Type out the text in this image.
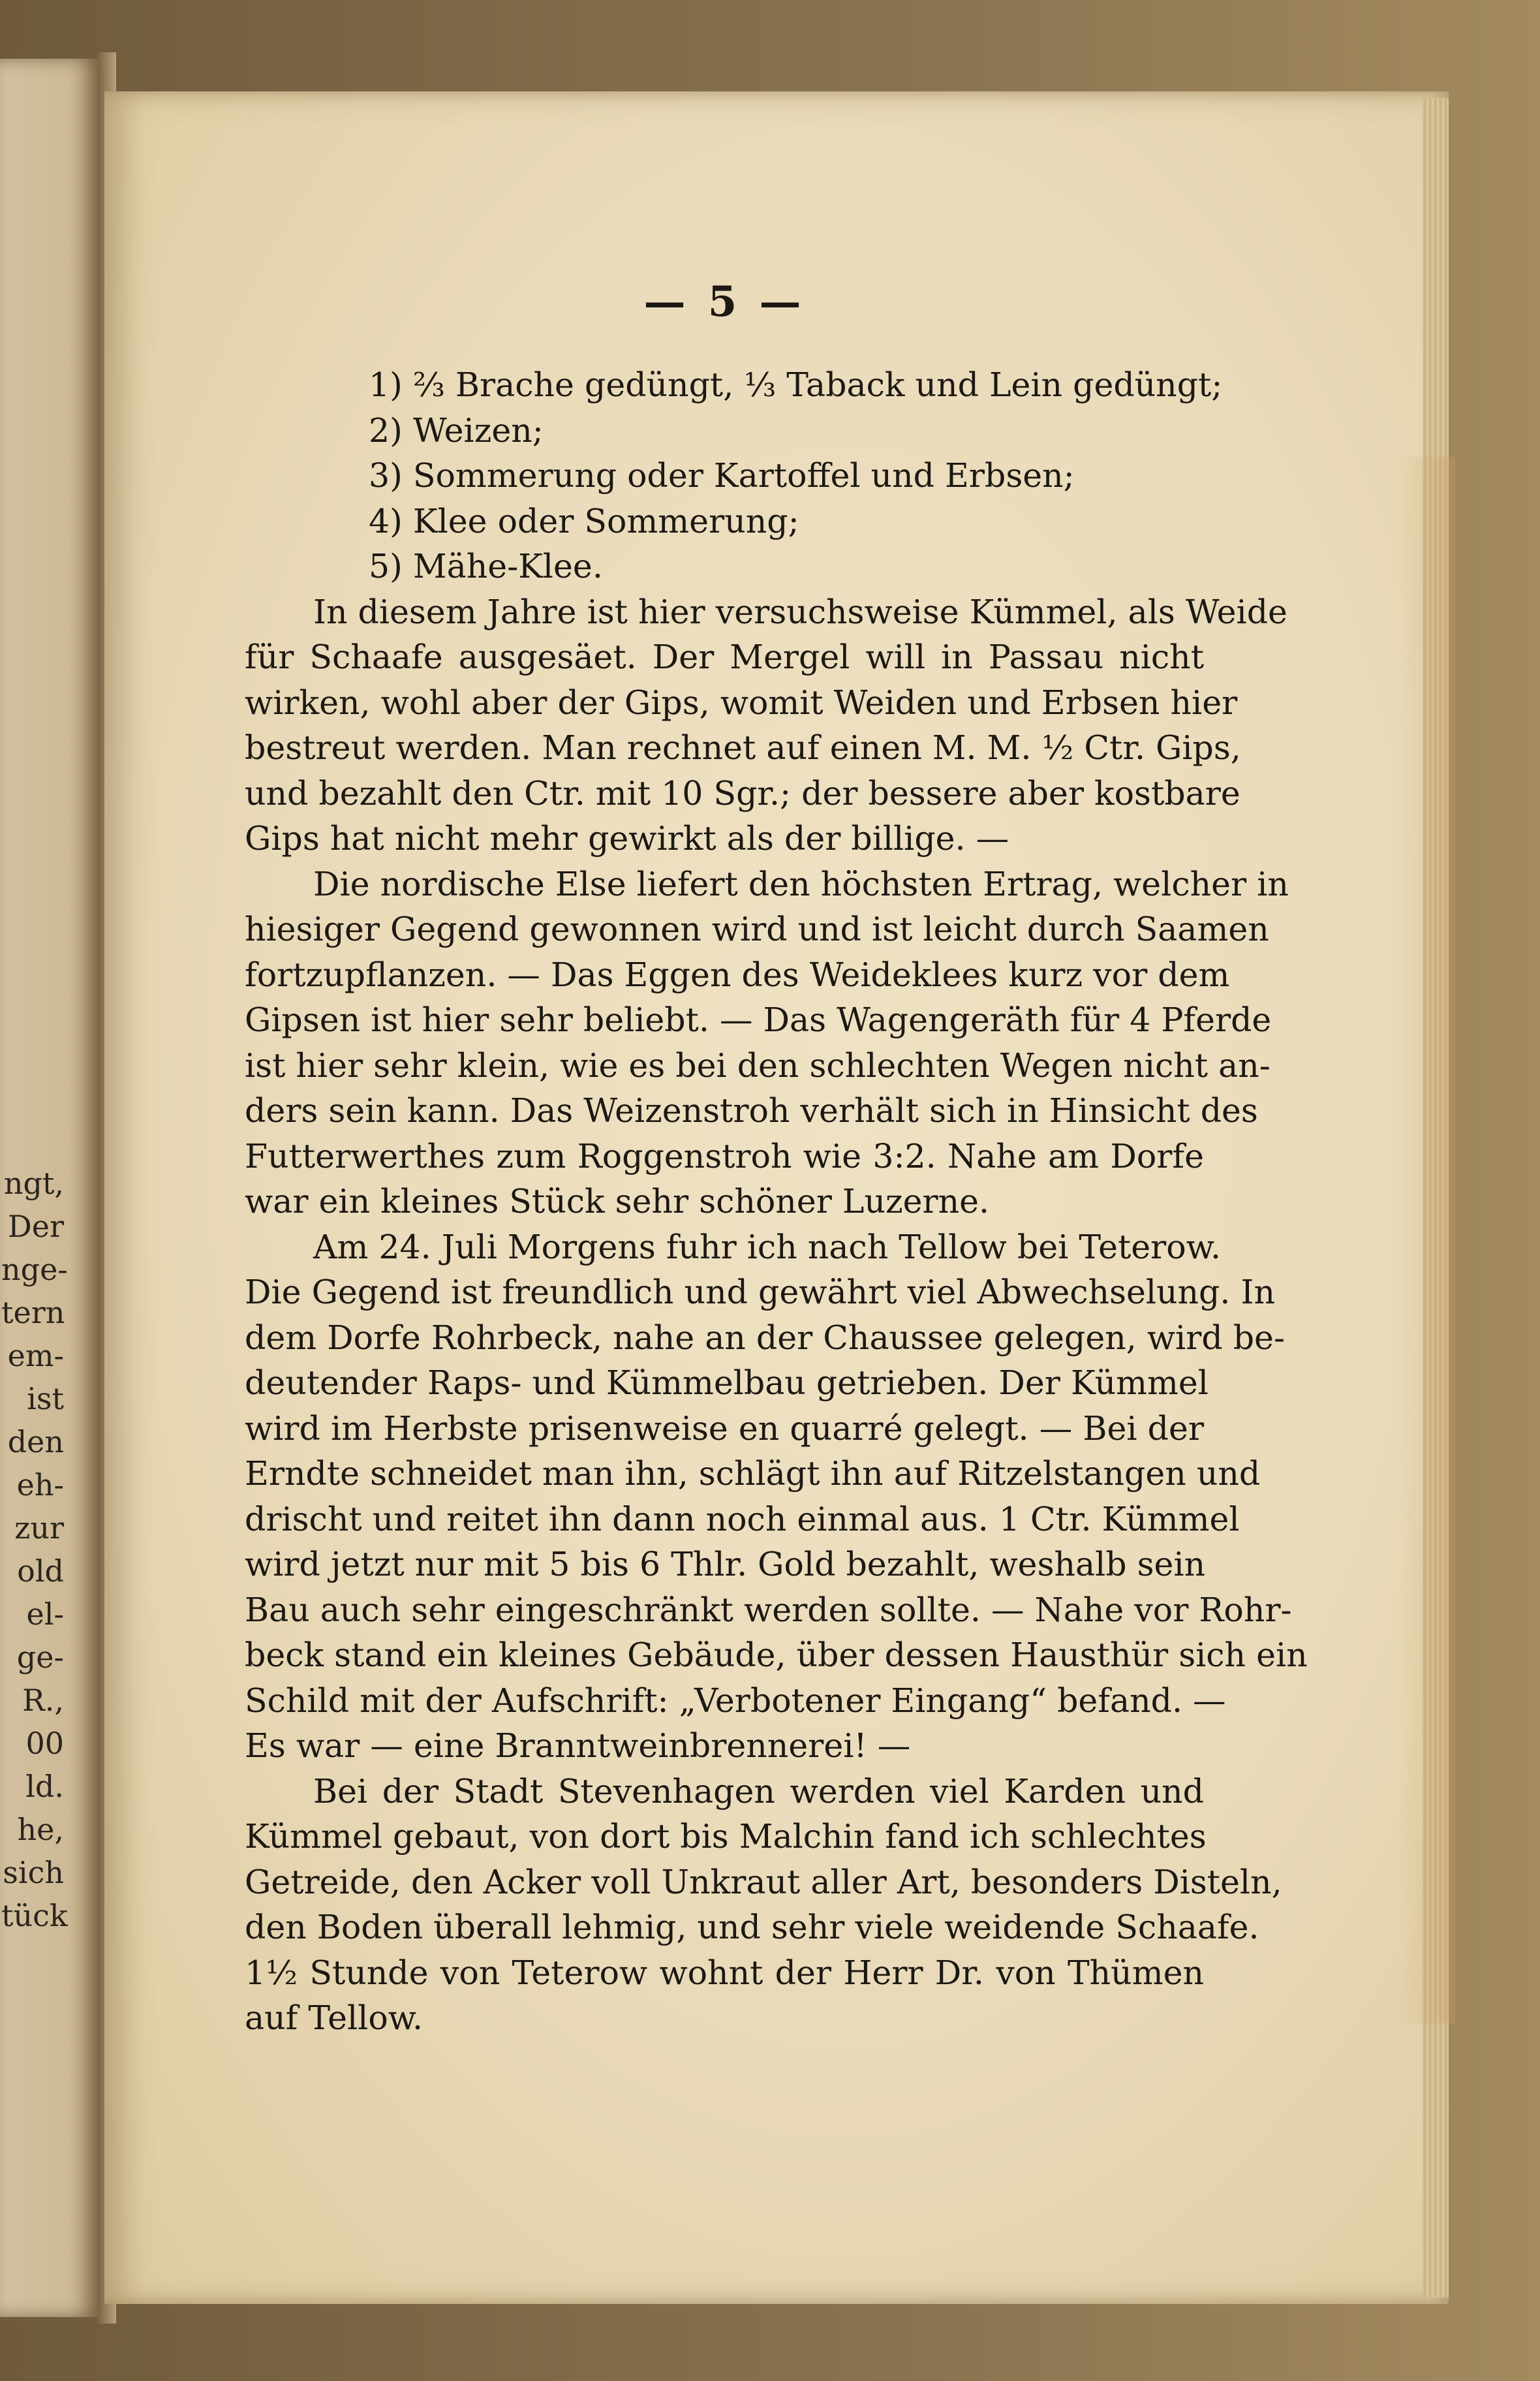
ngt,
Der
nge-
tern
em-
ist
den
eh-
zur
old
el-
ge-
R.,
00
ld.
he,
sich
tück
— 5 —
1) ⅔ Brache gedüngt, ⅓ Taback und Lein gedüngt;
2) Weizen;
3) Sommerung oder Kartoffel und Erbsen;
4) Klee oder Sommerung;
5) Mähe-Klee.
In diesem Jahre ist hier versuchsweise Kümmel, als Weide
für Schaafe ausgesäet. Der Mergel will in Passau nicht
wirken, wohl aber der Gips, womit Weiden und Erbsen hier
bestreut werden. Man rechnet auf einen M. M. ½ Ctr. Gips,
und bezahlt den Ctr. mit 10 Sgr.; der bessere aber kostbare
Gips hat nicht mehr gewirkt als der billige. —
Die nordische Else liefert den höchsten Ertrag, welcher in
hiesiger Gegend gewonnen wird und ist leicht durch Saamen
fortzupflanzen. — Das Eggen des Weideklees kurz vor dem
Gipsen ist hier sehr beliebt. — Das Wagengeräth für 4 Pferde
ist hier sehr klein, wie es bei den schlechten Wegen nicht an-
ders sein kann. Das Weizenstroh verhält sich in Hinsicht des
Futterwerthes zum Roggenstroh wie 3:2. Nahe am Dorfe
war ein kleines Stück sehr schöner Luzerne.
Am 24. Juli Morgens fuhr ich nach Tellow bei Teterow.
Die Gegend ist freundlich und gewährt viel Abwechselung. In
dem Dorfe Rohrbeck, nahe an der Chaussee gelegen, wird be-
deutender Raps- und Kümmelbau getrieben. Der Kümmel
wird im Herbste prisenweise en quarré gelegt. — Bei der
Erndte schneidet man ihn, schlägt ihn auf Ritzelstangen und
drischt und reitet ihn dann noch einmal aus. 1 Ctr. Kümmel
wird jetzt nur mit 5 bis 6 Thlr. Gold bezahlt, weshalb sein
Bau auch sehr eingeschränkt werden sollte. — Nahe vor Rohr-
beck stand ein kleines Gebäude, über dessen Hausthür sich ein
Schild mit der Aufschrift: „Verbotener Eingang“ befand. —
Es war — eine Branntweinbrennerei! —
Bei der Stadt Stevenhagen werden viel Karden und
Kümmel gebaut, von dort bis Malchin fand ich schlechtes
Getreide, den Acker voll Unkraut aller Art, besonders Disteln,
den Boden überall lehmig, und sehr viele weidende Schaafe.
1½ Stunde von Teterow wohnt der Herr Dr. von Thümen
auf Tellow.
